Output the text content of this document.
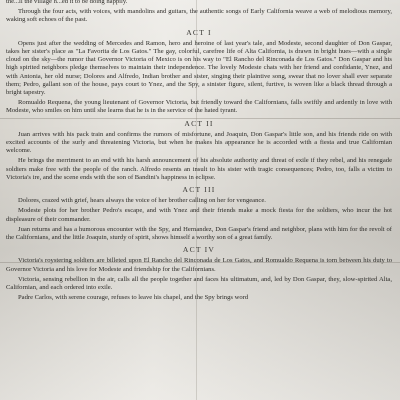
the...ll the village h...ed it to be doing happily.

Through the four acts, with voices, with mandolins and guitars, the authentic songs of Early California weave a web of melodious memory, waking soft echoes of the past.

ACT I

Opens just after the wedding of Mercedes and Ramon, hero and heroine of last year's tale, and Modeste, second daughter of Don Gaspar, takes her sister's place as "La Favorita de Los Gatos." The gay, colorful, carefree life of Alta California, is drawn in bright hues—with a single cloud on the sky—the rumor that Governor Victoria of Mexico is on his way to "El Rancho del Rinconada de Los Gatos." Don Gaspar and his high spirited neighbors pledge themselves to maintain their independence. The lovely Modeste chats with her friend and confidante, Ynez, and with Antonia, her old nurse; Dolores and Alfredo, Indian brother and sister, singing their plaintive song, swear that no lover shall ever separate them; Pedro, gallant son of the house, pays court to Ynez, and the Spy, a sinister figure, silent, furtive, is woven like a black thread through a bright tapestry.

Romualdo Requena, the young lieutenant of Governor Victoria, but friendly toward the Californians, falls swiftly and ardently in love with Modeste, who smiles on him until she learns that he is in the service of the hated tyrant.

ACT II

Juan arrives with his pack train and confirms the rumors of misfortune, and Joaquin, Don Gaspar's little son, and his friends ride on with excited accounts of the surly and threatening Victoria, but when he makes his appearance he is accorded with a fiesta and true Californian welcome.

He brings the merriment to an end with his harsh announcement of his absolute authority and threat of exile if they rebel, and his renegade soldiers make free with the people of the ranch. Alfredo resents an insult to his sister with tragic consequences; Pedro, too, falls a victim to Victoria's ire, and the scene ends with the son of Bandini's happiness in eclipse.

ACT III

Dolores, crazed with grief, hears always the voice of her brother calling on her for vengeance.

Modeste plots for her brother Pedro's escape, and with Ynez and their friends make a mock fiesta for the soldiers, who incur the hot displeasure of their commander.

Juan returns and has a humorous encounter with the Spy, and Hernandez, Don Gaspar's friend and neighbor, plans with him for the revolt of the Californians, and the little Joaquin, sturdy of spirit, shows himself a worthy son of a great family.

ACT IV

Victoria's roystering soldiers are billeted upon El Rancho del Rinconada de Los Gatos, and Romualdo Requena is torn between his duty to Governor Victoria and his love for Modeste and friendship for the Californians.

Victoria, sensing rebellion in the air, calls all the people together and faces his ultimatum, and, led by Don Gaspar, they, slow-spirited Alta, Californian, and each ordered into exile.

Padre Carlos, with serene courage, refuses to leave his chapel, and the Spy brings word
